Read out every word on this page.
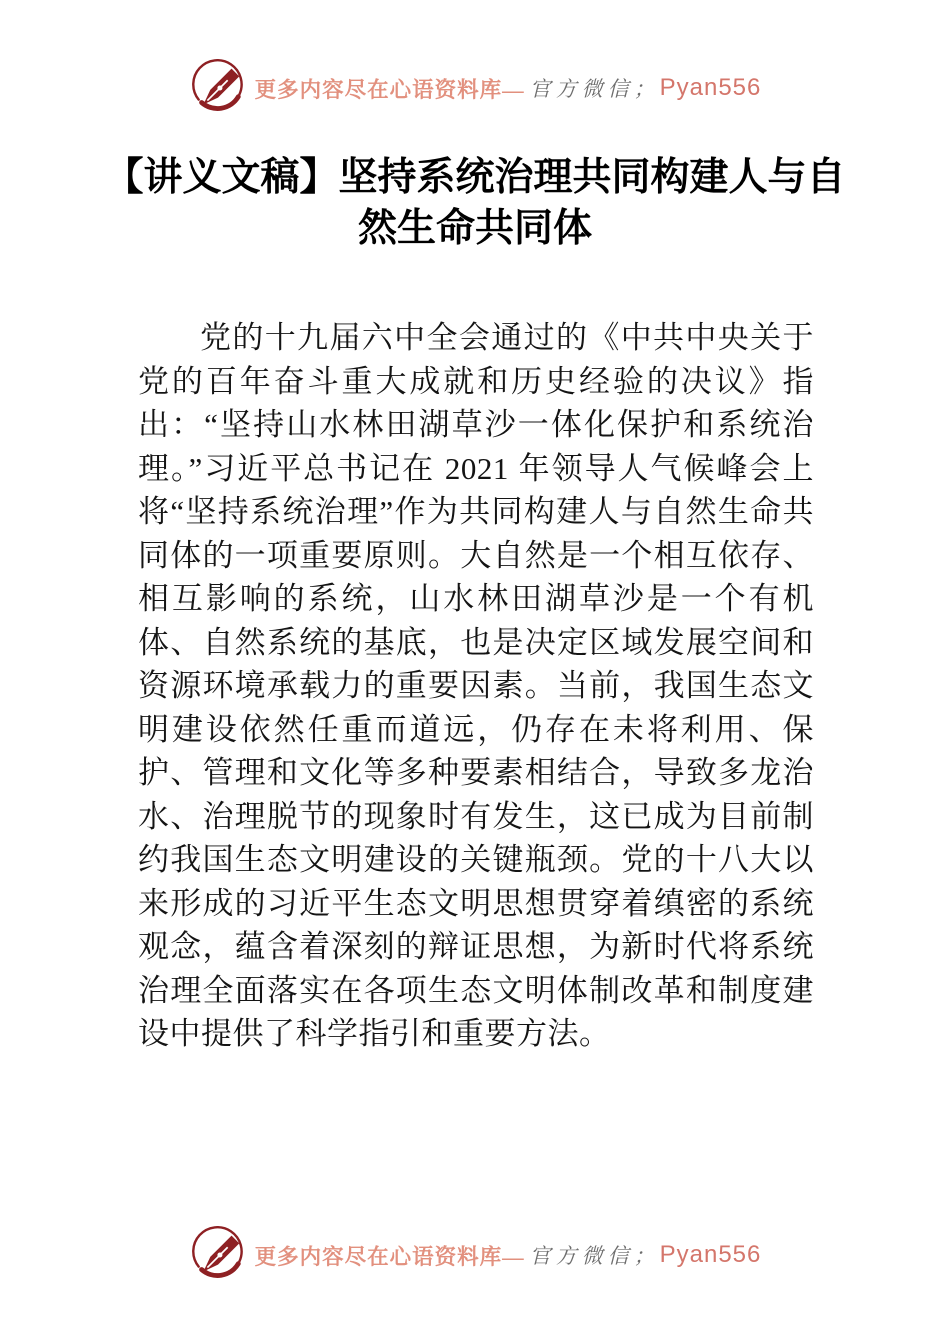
更多内容尽在心语资料库— 官方微信； Pyan556
【讲义文稿】坚持系统治理共同构建人与自
然生命共同体

党的十九届六中全会通过的《中共中央关于党的百年奋斗重大成就和历史经验的决议》指出：“坚持山水林田湖草沙一体化保护和系统治理。”习近平总书记在 2021 年领导人气候峰会上将“坚持系统治理”作为共同构建人与自然生命共同体的一项重要原则。大自然是一个相互依存、相互影响的系统，山水林田湖草沙是一个有机体、自然系统的基底，也是决定区域发展空间和资源环境承载力的重要因素。当前，我国生态文明建设依然任重而道远，仍存在未将利用、保护、管理和文化等多种要素相结合，导致多龙治水、治理脱节的现象时有发生，这已成为目前制约我国生态文明建设的关键瓶颈。党的十八大以来形成的习近平生态文明思想贯穿着缜密的系统观念，蕴含着深刻的辩证思想，为新时代将系统治理全面落实在各项生态文明体制改革和制度建设中提供了科学指引和重要方法。

更多内容尽在心语资料库— 官方微信； Pyan556
